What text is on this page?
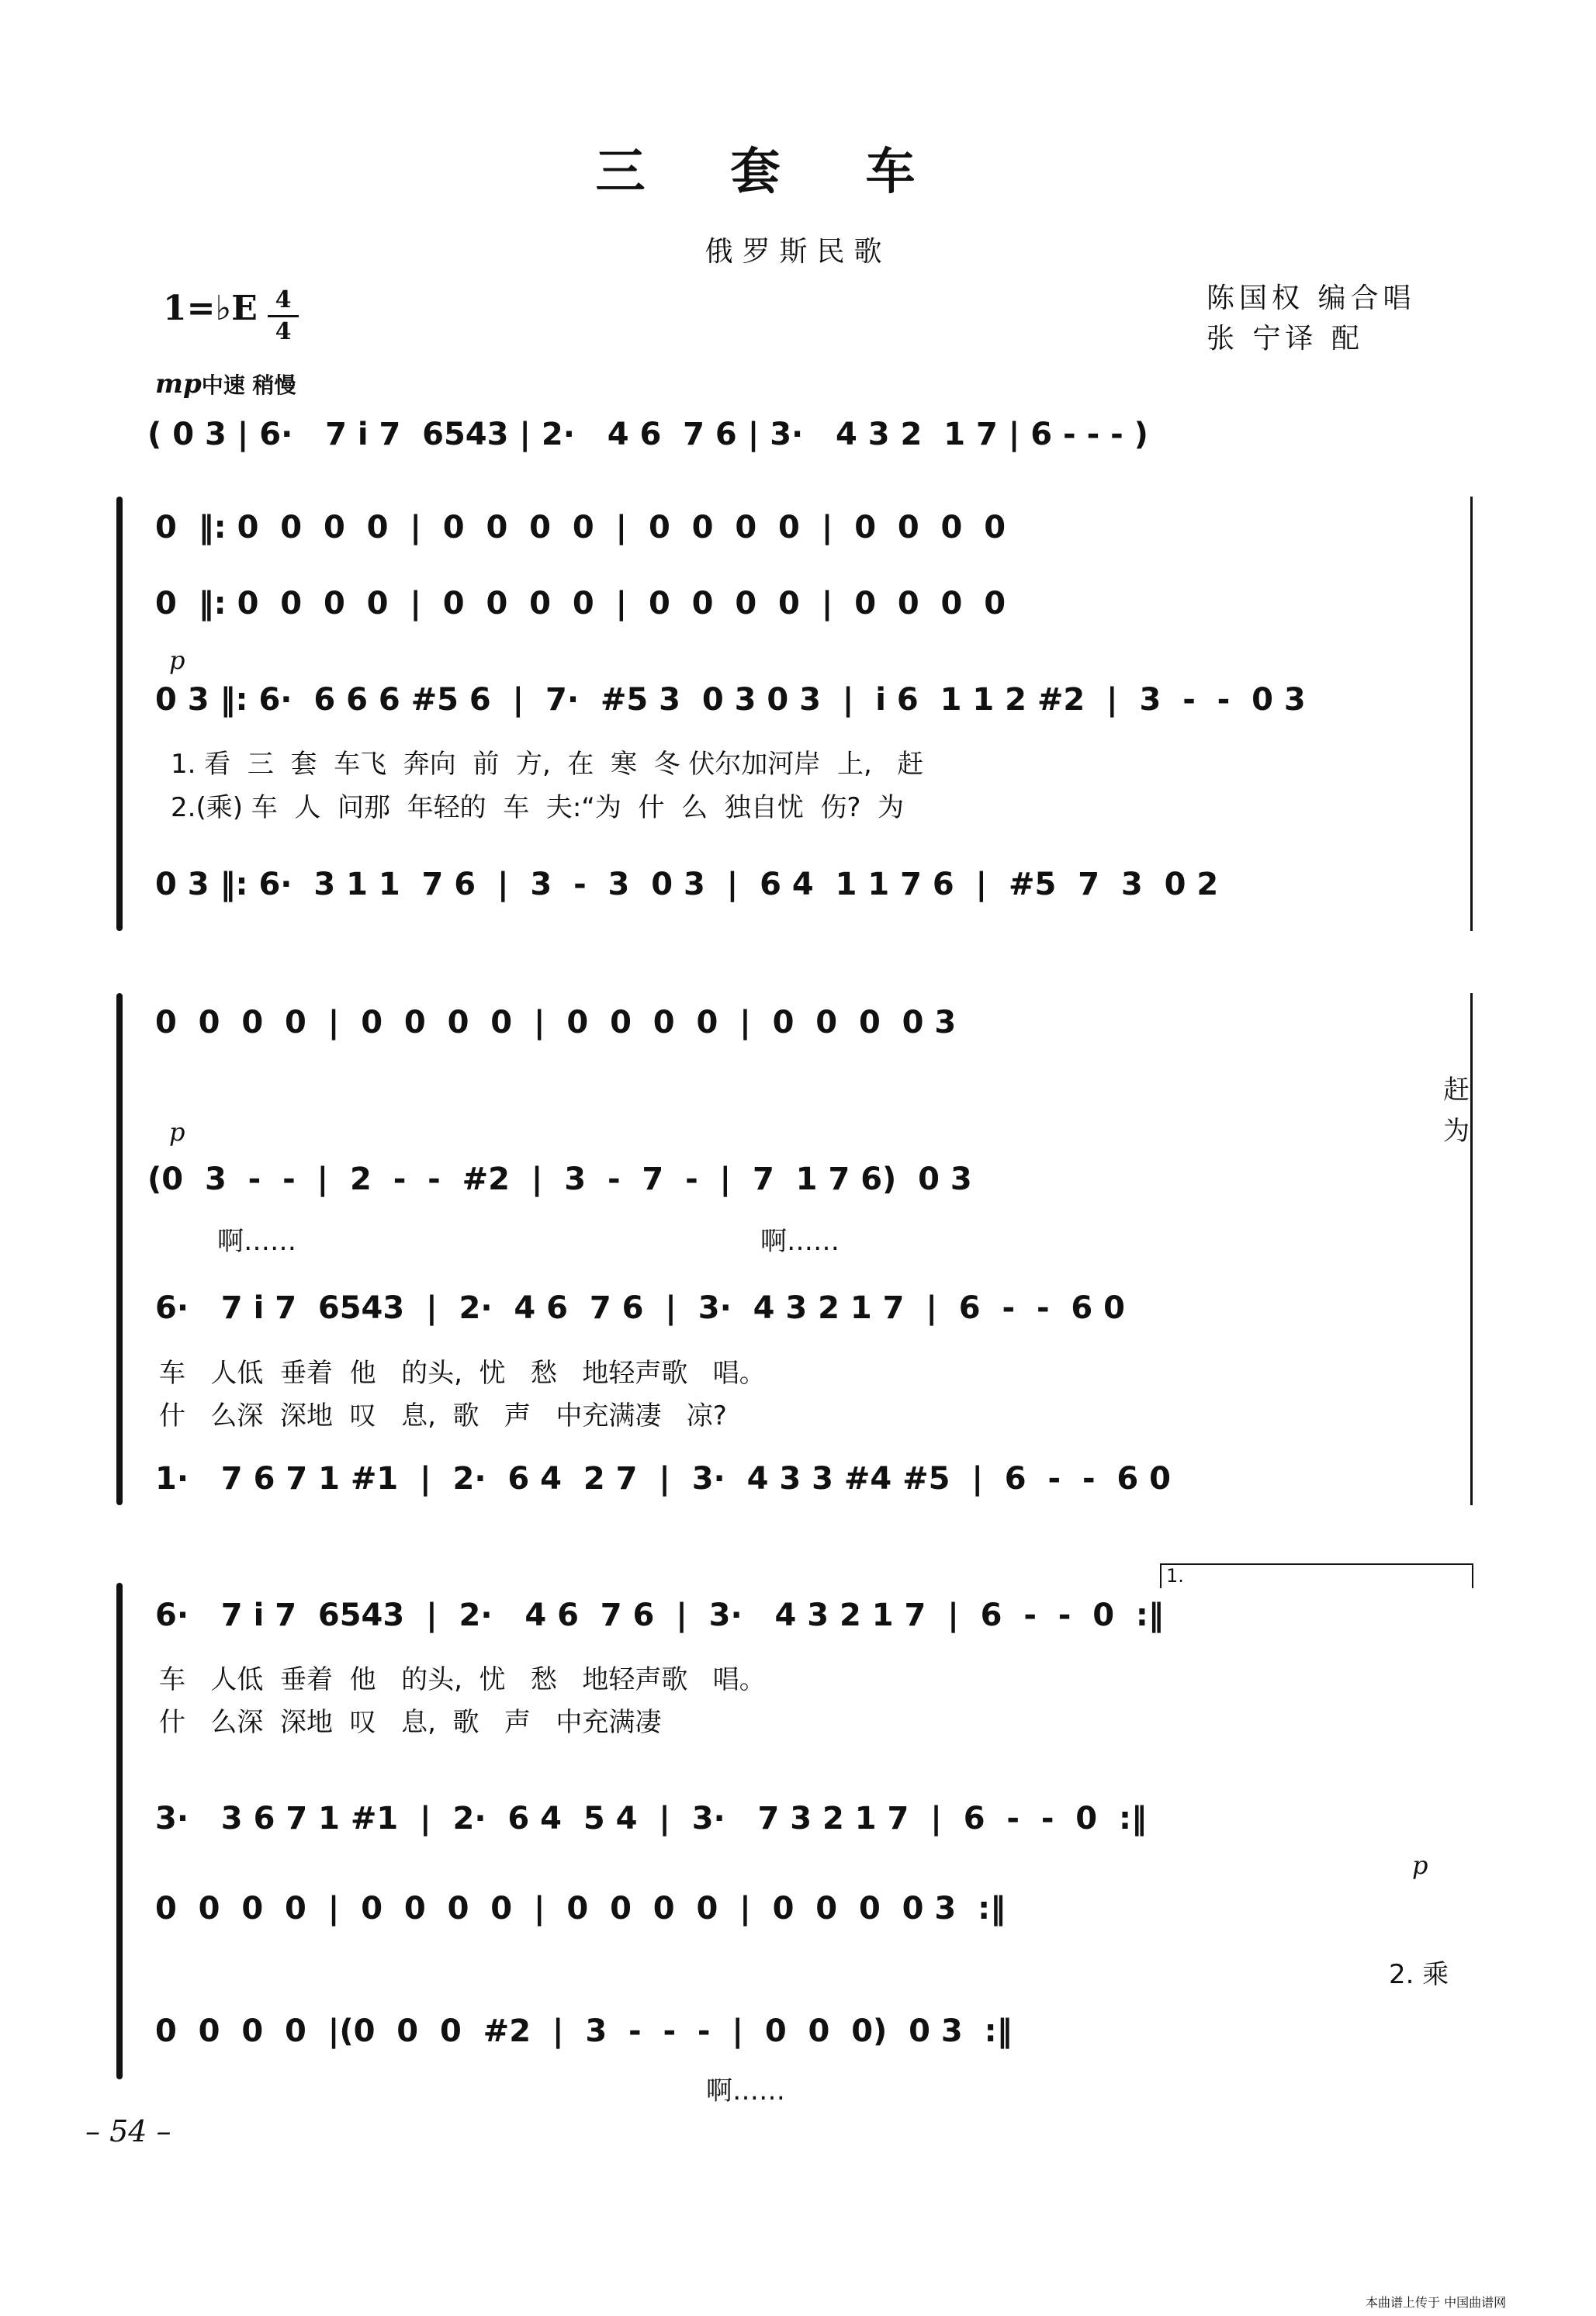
三套车
俄罗斯民歌
1=♭E 4
4
陈国权 编合唱
张 宁译 配
mp中速 稍慢
( 0 3 | 6·   7 i 7  6543 | 2·   4 6  7 6 | 3·   4 3 2  1 7 | 6 - - - )
0  ‖: 0  0  0  0  |  0  0  0  0  |  0  0  0  0  |  0  0  0  0
0  ‖: 0  0  0  0  |  0  0  0  0  |  0  0  0  0  |  0  0  0  0
p
0 3 ‖: 6·  6 6 6 #5 6  |  7·  #5 3  0 3 0 3  |  i 6  1 1 2 #2  |  3  -  -  0 3
1. 看  三  套  车飞  奔向  前  方,  在  寒  冬 伏尔加河岸  上,   赶
2.(乘) 车  人  问那  年轻的  车  夫:“为  什  么  独自忧  伤?  为
0 3 ‖: 6·  3 1 1  7 6  |  3  -  3  0 3  |  6 4  1 1 7 6  |  #5  7  3  0 2
0  0  0  0  |  0  0  0  0  |  0  0  0  0  |  0  0  0  0 3
赶
为
p
(0  3  -  -  |  2  -  -  #2  |  3  -  7  -  |  7  1 7 6)  0 3
啊……	啊……
6·   7 i 7  6543  |  2·  4 6  7 6  |  3·  4 3 2 1 7  |  6  -  -  6 0
车   人低  垂着  他   的头,  忧   愁   地轻声歌   唱。
什   么深  深地  叹   息,  歌   声   中充满凄   凉?
1·   7 6 7 1 #1  |  2·  6 4  2 7  |  3·  4 3 3 #4 #5  |  6  -  -  6 0
1.
6·   7 i 7  6543  |  2·   4 6  7 6  |  3·   4 3 2 1 7  |  6  -  -  0  :‖
车   人低  垂着  他   的头,  忧   愁   地轻声歌   唱。
什   么深  深地  叹   息,  歌   声   中充满凄
3·   3 6 7 1 #1  |  2·  6 4  5 4  |  3·   7 3 2 1 7  |  6  -  -  0  :‖
p
0  0  0  0  |  0  0  0  0  |  0  0  0  0  |  0  0  0  0 3  :‖
2. 乘
0  0  0  0  |(0  0  0  #2  |  3  -  -  -  |  0  0  0)  0 3  :‖
啊……
– 54 –
本曲谱上传于 中国曲谱网
